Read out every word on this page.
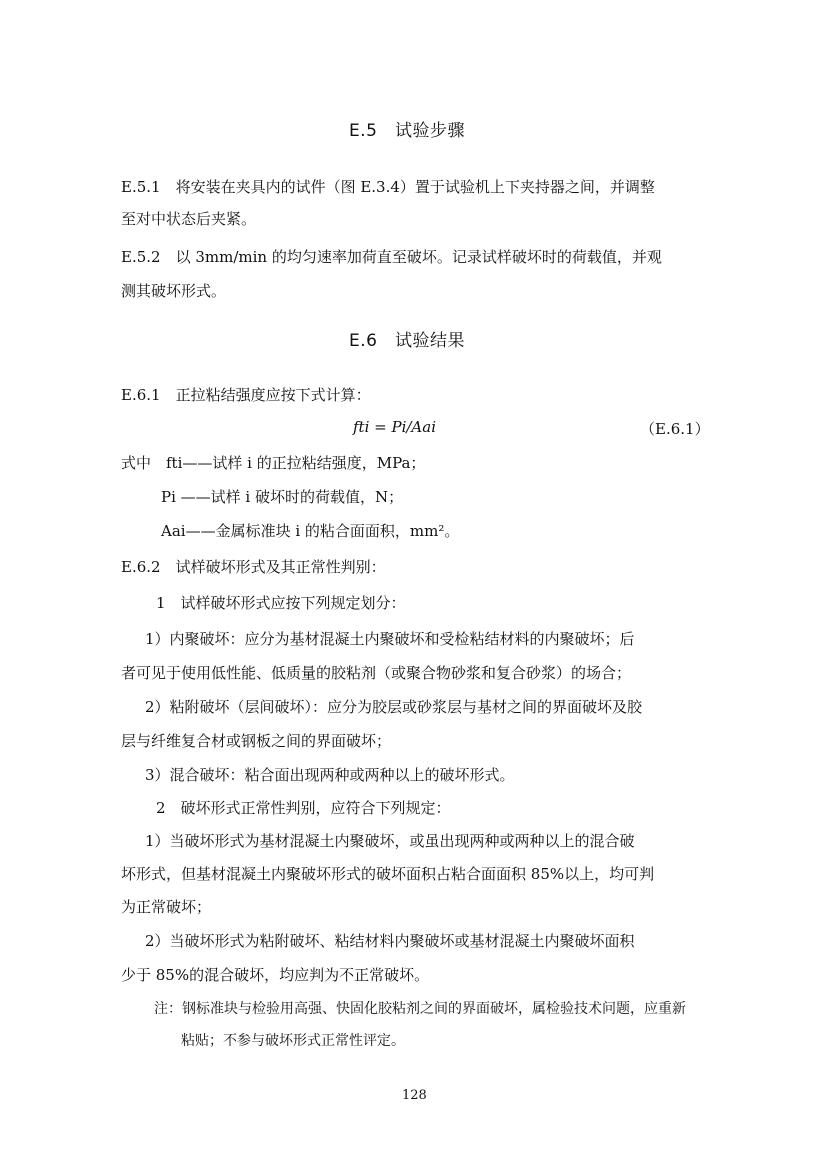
E.5　试验步骤
E.5.1　将安装在夹具内的试件（图 E.3.4）置于试验机上下夹持器之间，并调整
至对中状态后夹紧。
E.5.2　以 3mm/min 的均匀速率加荷直至破坏。记录试样破坏时的荷载值，并观
测其破坏形式。
E.6　试验结果
E.6.1　正拉粘结强度应按下式计算：
fti = Pi/Aai	（E.6.1）
式中　fti——试样 i 的正拉粘结强度，MPa；
Pi ——试样 i 破坏时的荷载值，N；
Aai——金属标准块 i 的粘合面面积，mm²。
E.6.2　试样破坏形式及其正常性判别：
1　试样破坏形式应按下列规定划分：
1）内聚破坏：应分为基材混凝土内聚破坏和受检粘结材料的内聚破坏；后
者可见于使用低性能、低质量的胶粘剂（或聚合物砂浆和复合砂浆）的场合；
2）粘附破坏（层间破坏）：应分为胶层或砂浆层与基材之间的界面破坏及胶
层与纤维复合材或钢板之间的界面破坏；
3）混合破坏：粘合面出现两种或两种以上的破坏形式。
2　破坏形式正常性判别，应符合下列规定：
1）当破坏形式为基材混凝土内聚破坏，或虽出现两种或两种以上的混合破
坏形式，但基材混凝土内聚破坏形式的破坏面积占粘合面面积 85%以上，均可判
为正常破坏；
2）当破坏形式为粘附破坏、粘结材料内聚破坏或基材混凝土内聚破坏面积
少于 85%的混合破坏，均应判为不正常破坏。
注：钢标准块与检验用高强、快固化胶粘剂之间的界面破坏，属检验技术问题，应重新
粘贴；不参与破坏形式正常性评定。
128
